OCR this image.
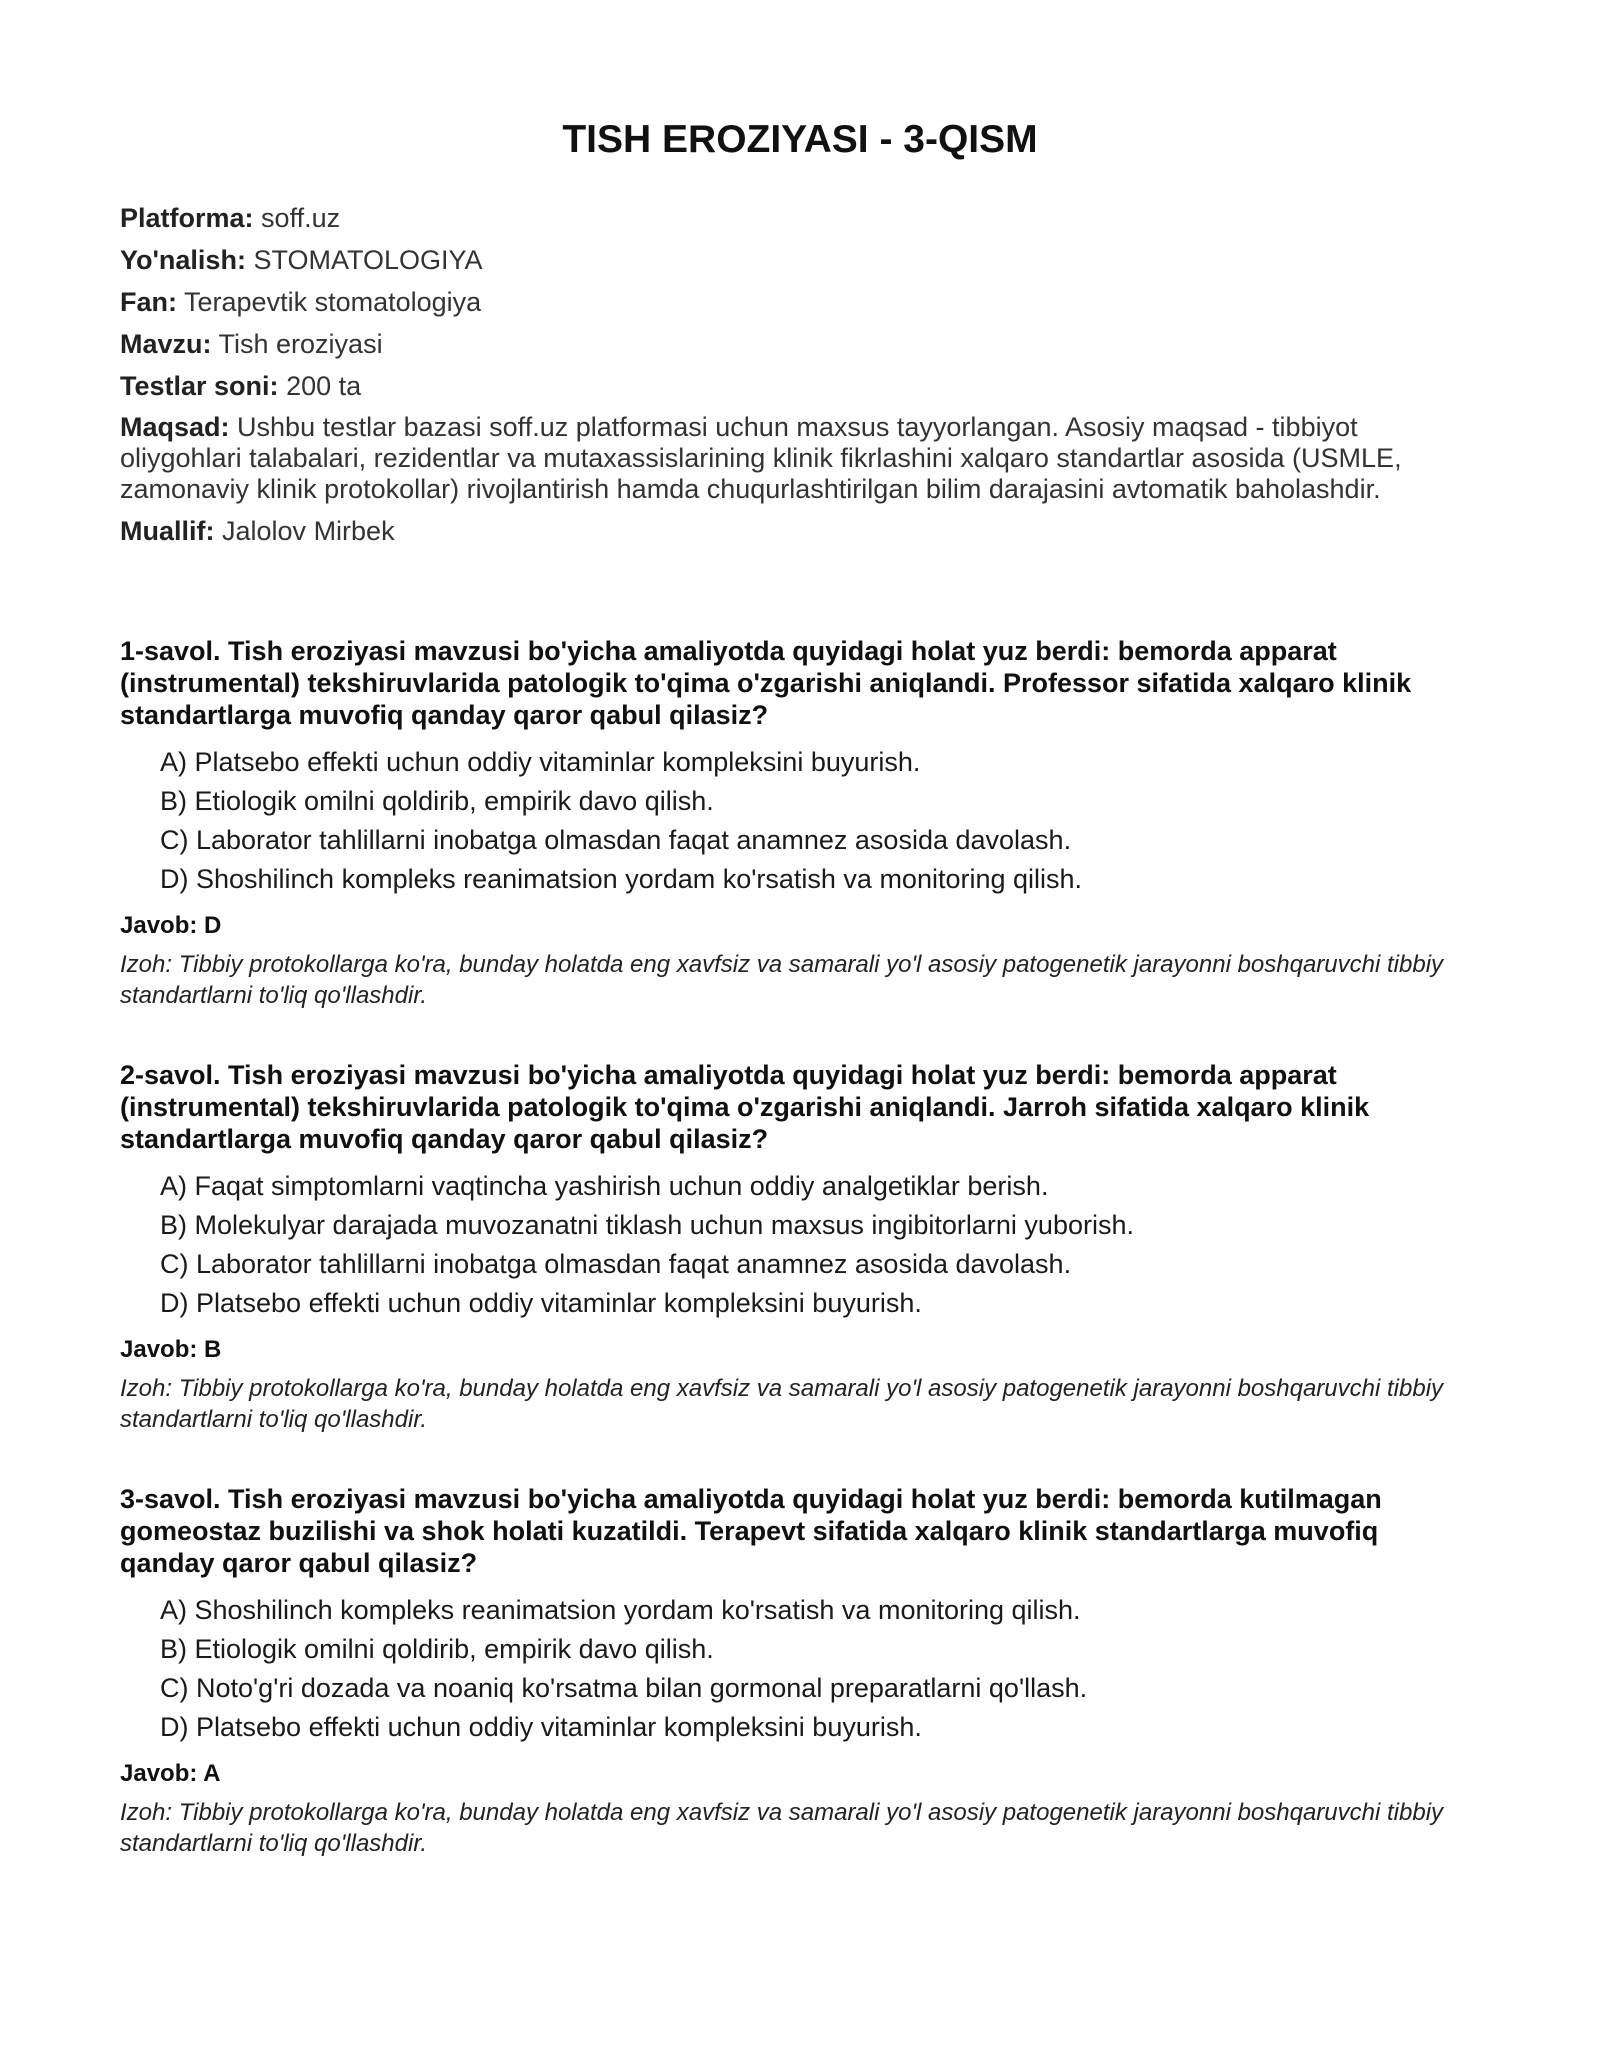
TISH EROZIYASI - 3-QISM

Platforma: soff.uz

Yo'nalish: STOMATOLOGIYA

Fan: Terapevtik stomatologiya

Mavzu: Tish eroziyasi

Testlar soni: 200 ta

Maqsad: Ushbu testlar bazasi soff.uz platformasi uchun maxsus tayyorlangan. Asosiy maqsad - tibbiyot oliygohlari talabalari, rezidentlar va mutaxassislarining klinik fikrlashini xalqaro standartlar asosida (USMLE, zamonaviy klinik protokollar) rivojlantirish hamda chuqurlashtirilgan bilim darajasini avtomatik baholashdir.

Muallif: Jalolov Mirbek

1-savol. Tish eroziyasi mavzusi bo'yicha amaliyotda quyidagi holat yuz berdi: bemorda apparat (instrumental) tekshiruvlarida patologik to'qima o'zgarishi aniqlandi. Professor sifatida xalqaro klinik standartlarga muvofiq qanday qaror qabul qilasiz?

A) Platsebo effekti uchun oddiy vitaminlar kompleksini buyurish.
B) Etiologik omilni qoldirib, empirik davo qilish.
C) Laborator tahlillarni inobatga olmasdan faqat anamnez asosida davolash.
D) Shoshilinch kompleks reanimatsion yordam ko'rsatish va monitoring qilish.

Javob: D

Izoh: Tibbiy protokollarga ko'ra, bunday holatda eng xavfsiz va samarali yo'l asosiy patogenetik jarayonni boshqaruvchi tibbiy standartlarni to'liq qo'llashdir.

2-savol. Tish eroziyasi mavzusi bo'yicha amaliyotda quyidagi holat yuz berdi: bemorda apparat (instrumental) tekshiruvlarida patologik to'qima o'zgarishi aniqlandi. Jarroh sifatida xalqaro klinik standartlarga muvofiq qanday qaror qabul qilasiz?

A) Faqat simptomlarni vaqtincha yashirish uchun oddiy analgetiklar berish.
B) Molekulyar darajada muvozanatni tiklash uchun maxsus ingibitorlarni yuborish.
C) Laborator tahlillarni inobatga olmasdan faqat anamnez asosida davolash.
D) Platsebo effekti uchun oddiy vitaminlar kompleksini buyurish.

Javob: B

Izoh: Tibbiy protokollarga ko'ra, bunday holatda eng xavfsiz va samarali yo'l asosiy patogenetik jarayonni boshqaruvchi tibbiy standartlarni to'liq qo'llashdir.

3-savol. Tish eroziyasi mavzusi bo'yicha amaliyotda quyidagi holat yuz berdi: bemorda kutilmagan gomeostaz buzilishi va shok holati kuzatildi. Terapevt sifatida xalqaro klinik standartlarga muvofiq qanday qaror qabul qilasiz?

A) Shoshilinch kompleks reanimatsion yordam ko'rsatish va monitoring qilish.
B) Etiologik omilni qoldirib, empirik davo qilish.
C) Noto'g'ri dozada va noaniq ko'rsatma bilan gormonal preparatlarni qo'llash.
D) Platsebo effekti uchun oddiy vitaminlar kompleksini buyurish.

Javob: A

Izoh: Tibbiy protokollarga ko'ra, bunday holatda eng xavfsiz va samarali yo'l asosiy patogenetik jarayonni boshqaruvchi tibbiy standartlarni to'liq qo'llashdir.
